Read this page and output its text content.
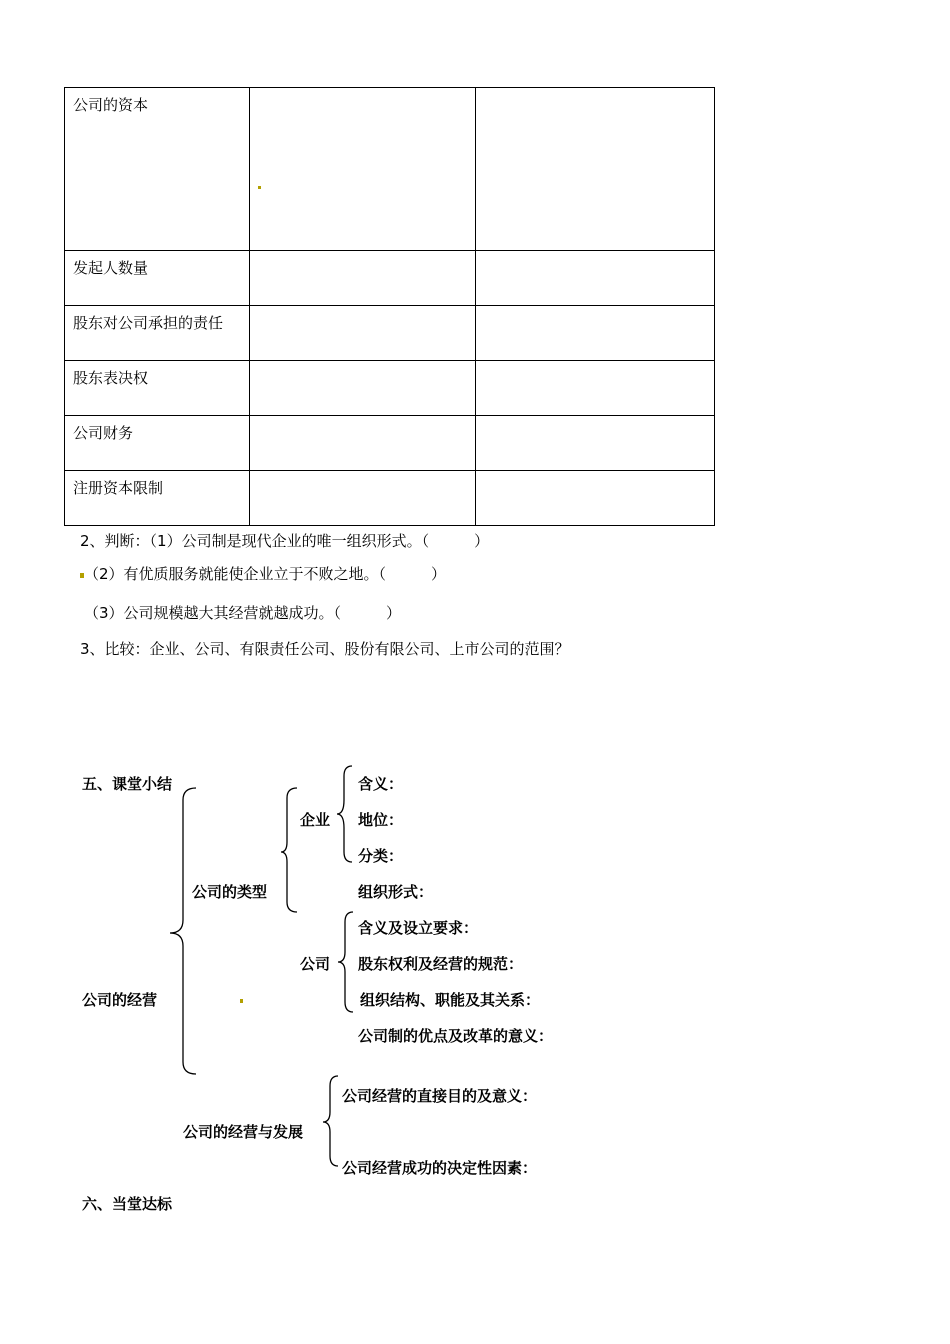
公司的资本		
发起人数量		
股东对公司承担的责任		
股东表决权		
公司财务		
注册资本限制		
2、判断：（1）公司制是现代企业的唯一组织形式。（　　　）
（2）有优质服务就能使企业立于不败之地。（　　　）
（3）公司规模越大其经营就越成功。（　　　）
3、比较：企业、公司、有限责任公司、股份有限公司、上市公司的范围？
五、课堂小结
公司的经营
公司的类型
企业
含义：
地位：
分类：
组织形式：
公司
含义及设立要求：
股东权利及经营的规范：
组织结构、职能及其关系：
公司制的优点及改革的意义：
公司的经营与发展
公司经营的直接目的及意义：
公司经营成功的决定性因素：
六、当堂达标
